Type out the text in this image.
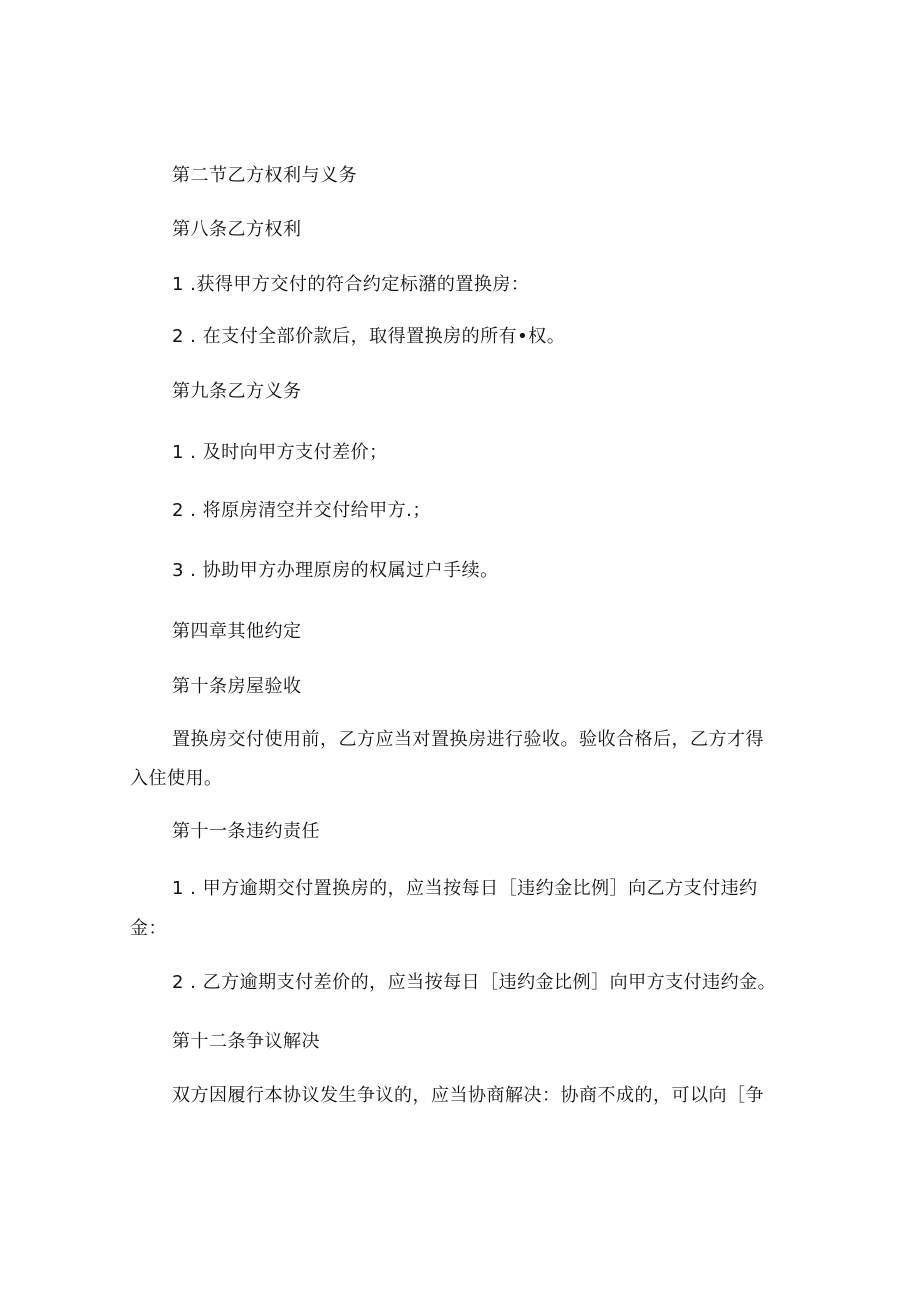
第二节乙方权利与义务
第八条乙方权利
1 .获得甲方交付的符合约定标潴的置换房：
2 . 在支付全部价款后，取得置换房的所有•权。
第九条乙方义务
1 . 及时向甲方支付差价；
2 . 将原房清空并交付给甲方.；
3 . 协助甲方办理原房的权属过户手续。
第四章其他约定
第十条房屋验收
置换房交付使用前，乙方应当对置换房进行验收。验收合格后，乙方才得
入住使用。
第十一条违约责任
1 . 甲方逾期交付置换房的，应当按每日［违约金比例］向乙方支付违约
金：
2 . 乙方逾期支付差价的，应当按每日［违约金比例］向甲方支付违约金。
第十二条争议解决
双方因履行本协议发生争议的，应当协商解决：协商不成的，可以向［争
